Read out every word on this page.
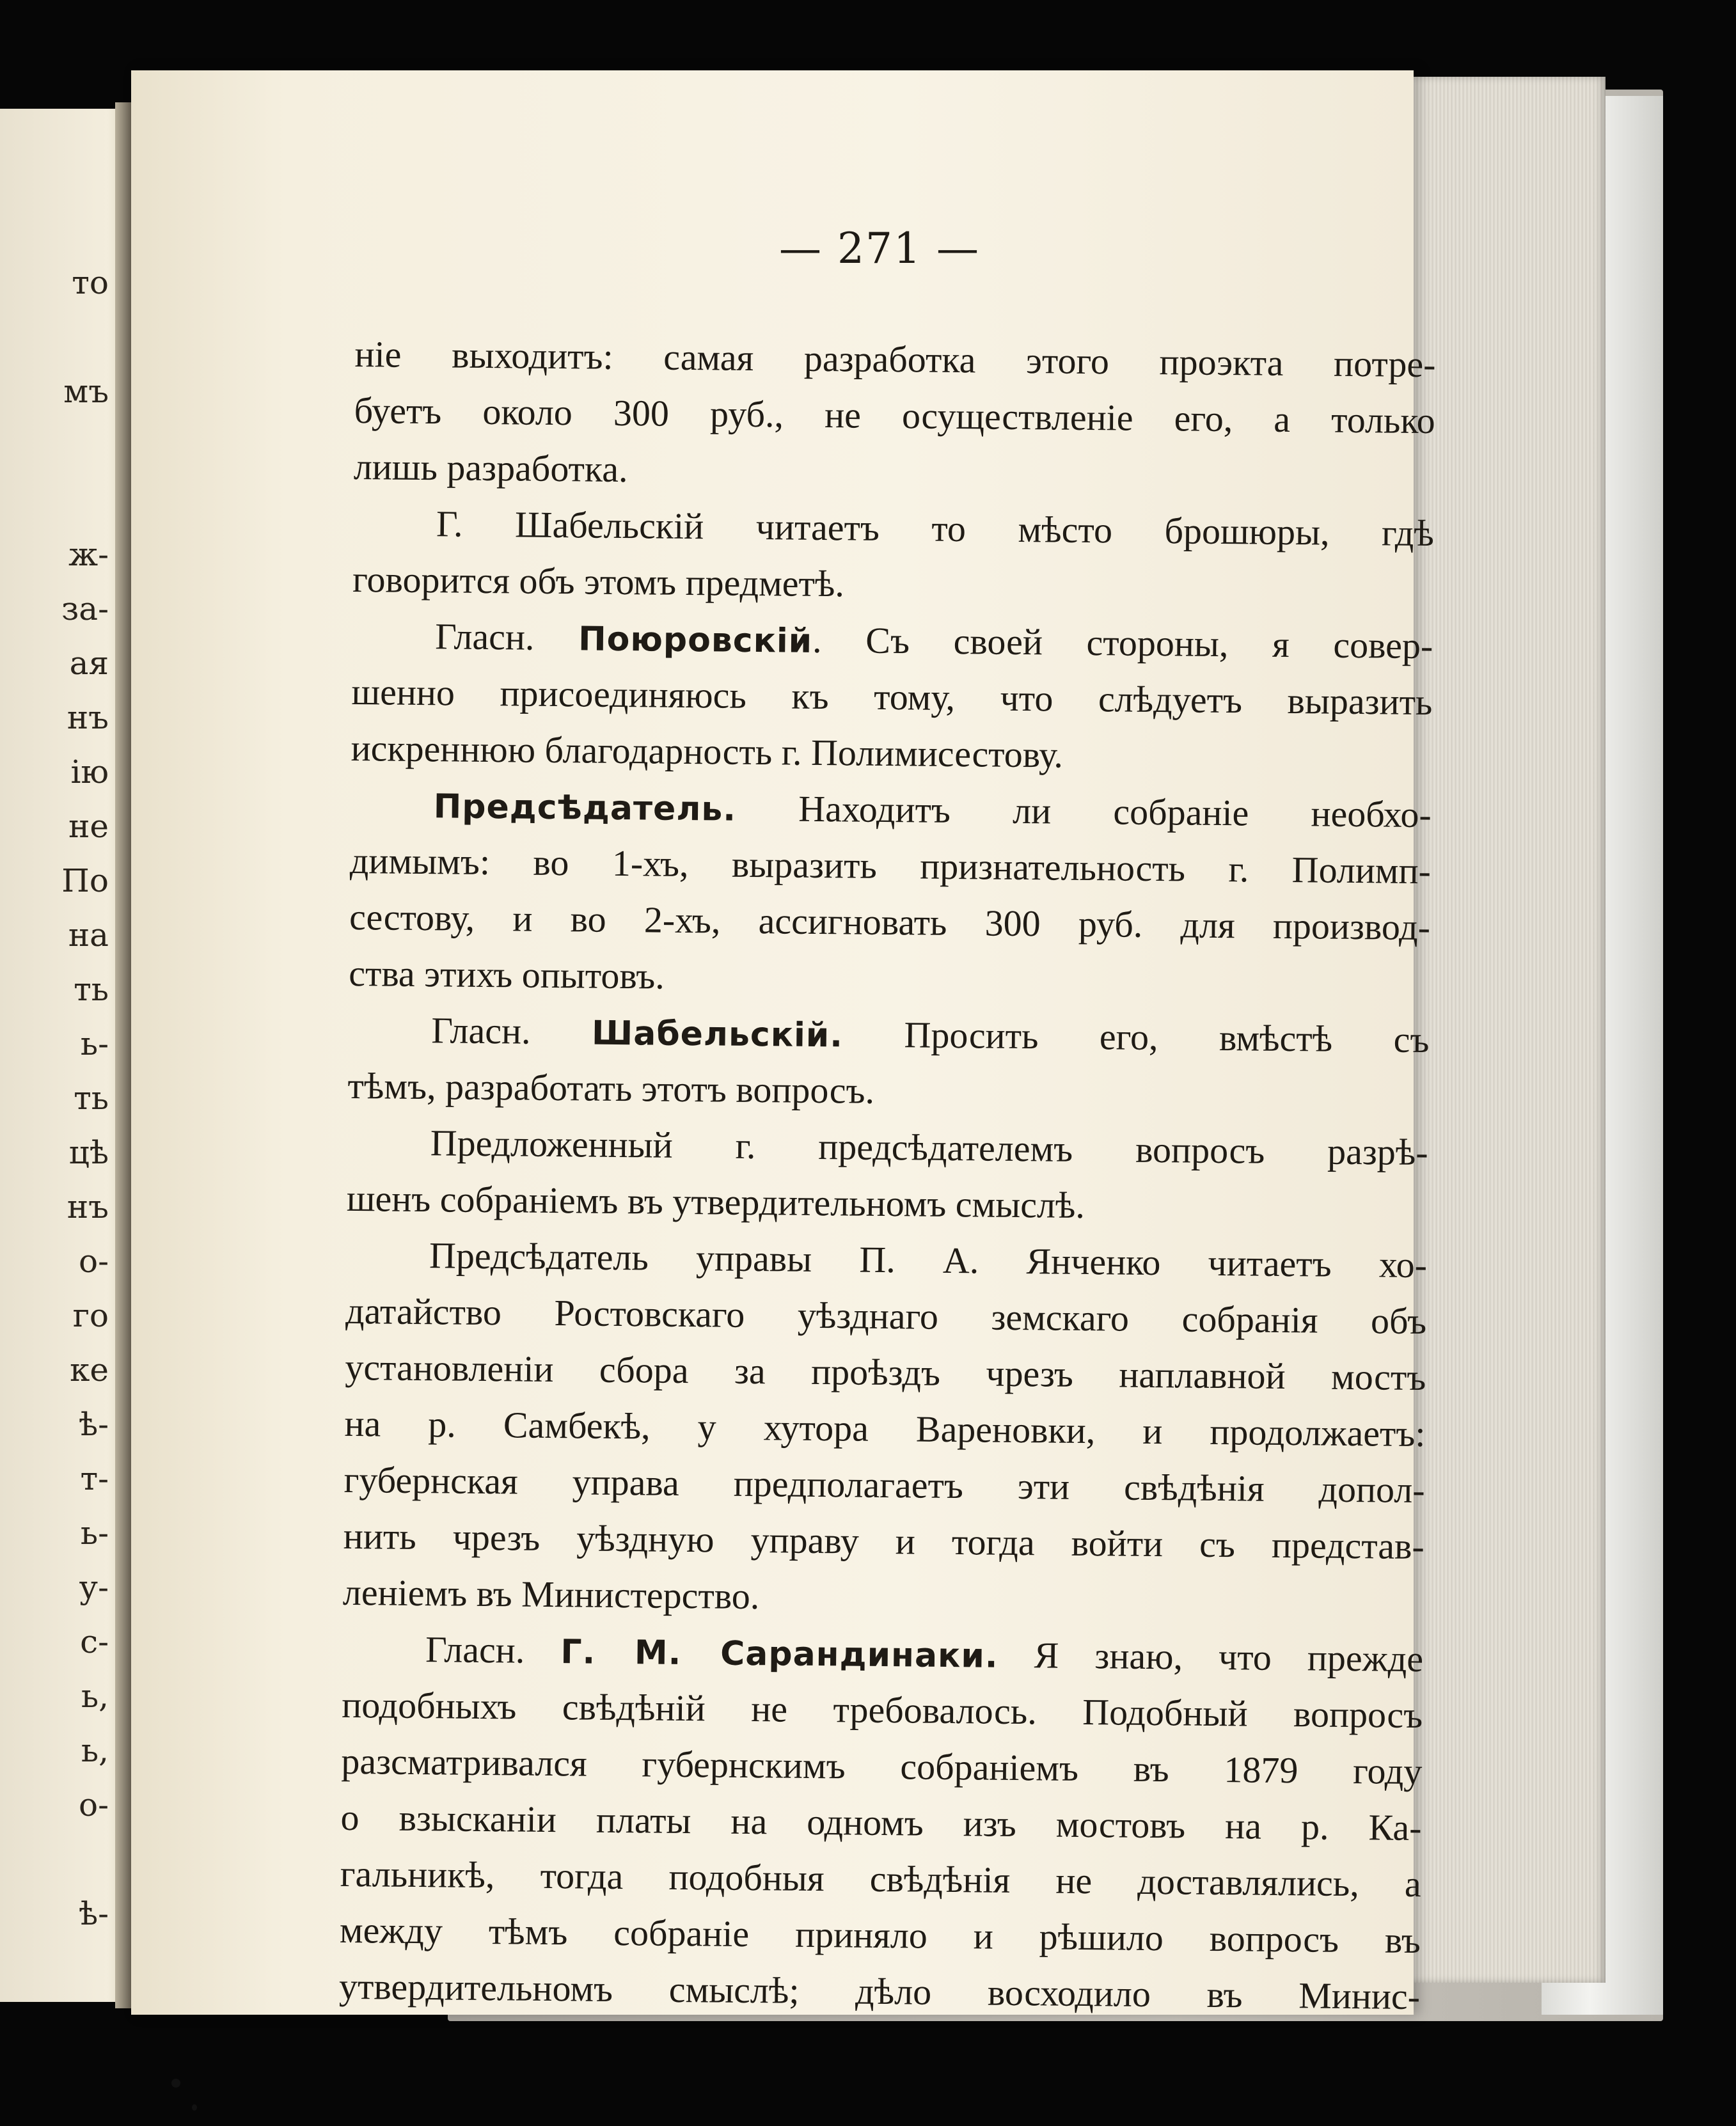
то

мъ

ж-
за-
ая
нъ
ію
не
По
на
ть
ь-
ть
цѣ
нъ
о-
го
ке
ѣ-
т-
ь-
у-
с-
ь,
ь,
о-

ѣ-
— 271 —
ніе выходитъ: самая разработка этого проэкта потре-
буетъ около 300 руб., не осуществленіе его, а только
лишь разработка.
Г. Шабельскій читаетъ то мѣсто брошюры, гдѣ
говорится объ этомъ предметѣ.
Гласн. Поюровскій. Съ своей стороны, я совер-
шенно присоединяюсь къ тому, что слѣдуетъ выразить
искреннюю благодарность г. Полимисестову.
Предсѣдатель. Находитъ ли собраніе необхо-
димымъ: во 1-хъ, выразить признательность г. Полимп-
сестову, и во 2-хъ, ассигновать 300 руб. для производ-
ства этихъ опытовъ.
Гласн. Шабельскій. Просить его, вмѣстѣ съ
тѣмъ, разработать этотъ вопросъ.
Предложенный г. предсѣдателемъ вопросъ разрѣ-
шенъ собраніемъ въ утвердительномъ смыслѣ.
Предсѣдатель управы П. А. Янченко читаетъ хо-
датайство Ростовскаго уѣзднаго земскаго собранія объ
установленіи сбора за проѣздъ чрезъ наплавной мостъ
на р. Самбекѣ, у хутора Вареновки, и продолжаетъ:
губернская управа предполагаетъ эти свѣдѣнія допол-
нить чрезъ уѣздную управу и тогда войти съ представ-
леніемъ въ Министерство.
Гласн. Г. М. Сарандинаки. Я знаю, что прежде
подобныхъ свѣдѣній не требовалось. Подобный вопросъ
разсматривался губернскимъ собраніемъ въ 1879 году
о взысканіи платы на одномъ изъ мостовъ на р. Ка-
гальникѣ, тогда подобныя свѣдѣнія не доставлялись, а
между тѣмъ собраніе приняло и рѣшило вопросъ въ
утвердительномъ смыслѣ; дѣло восходило въ Минис-
